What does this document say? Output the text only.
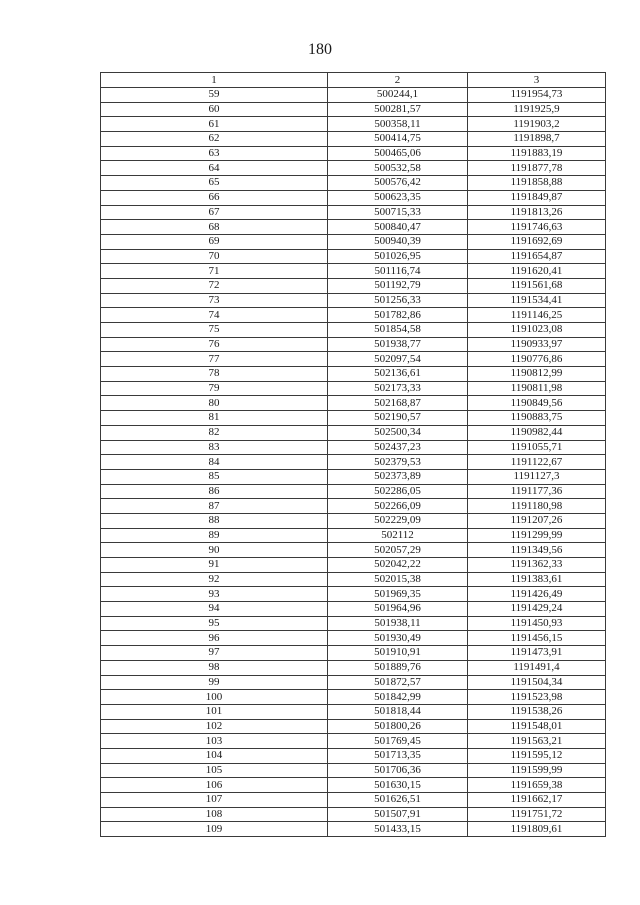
180
1	2	3
59	500244,1	1191954,73
60	500281,57	1191925,9
61	500358,11	1191903,2
62	500414,75	1191898,7
63	500465,06	1191883,19
64	500532,58	1191877,78
65	500576,42	1191858,88
66	500623,35	1191849,87
67	500715,33	1191813,26
68	500840,47	1191746,63
69	500940,39	1191692,69
70	501026,95	1191654,87
71	501116,74	1191620,41
72	501192,79	1191561,68
73	501256,33	1191534,41
74	501782,86	1191146,25
75	501854,58	1191023,08
76	501938,77	1190933,97
77	502097,54	1190776,86
78	502136,61	1190812,99
79	502173,33	1190811,98
80	502168,87	1190849,56
81	502190,57	1190883,75
82	502500,34	1190982,44
83	502437,23	1191055,71
84	502379,53	1191122,67
85	502373,89	1191127,3
86	502286,05	1191177,36
87	502266,09	1191180,98
88	502229,09	1191207,26
89	502112	1191299,99
90	502057,29	1191349,56
91	502042,22	1191362,33
92	502015,38	1191383,61
93	501969,35	1191426,49
94	501964,96	1191429,24
95	501938,11	1191450,93
96	501930,49	1191456,15
97	501910,91	1191473,91
98	501889,76	1191491,4
99	501872,57	1191504,34
100	501842,99	1191523,98
101	501818,44	1191538,26
102	501800,26	1191548,01
103	501769,45	1191563,21
104	501713,35	1191595,12
105	501706,36	1191599,99
106	501630,15	1191659,38
107	501626,51	1191662,17
108	501507,91	1191751,72
109	501433,15	1191809,61
